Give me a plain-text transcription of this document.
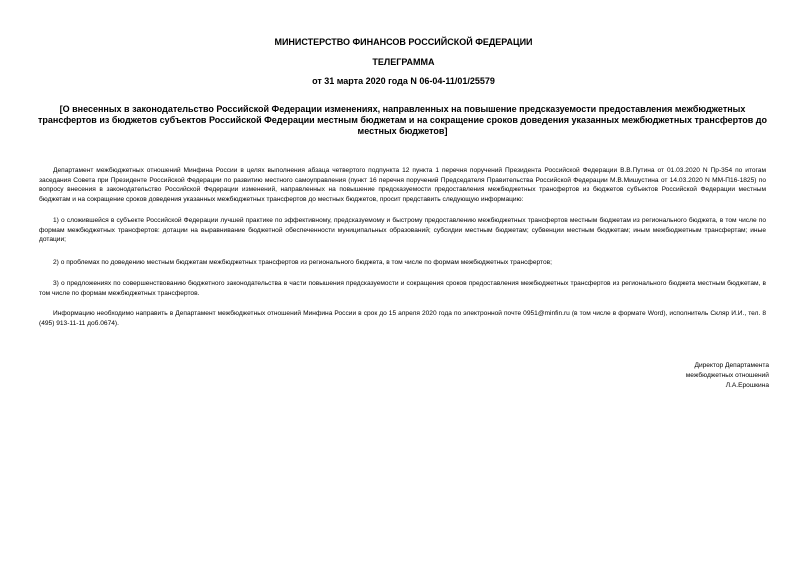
МИНИСТЕРСТВО ФИНАНСОВ РОССИЙСКОЙ ФЕДЕРАЦИИ
ТЕЛЕГРАММА
от 31 марта 2020 года N 06-04-11/01/25579
[О внесенных в законодательство Российской Федерации изменениях, направленных на повышение предсказуемости предоставления межбюджетных трансфертов из бюджетов субъектов Российской Федерации местным бюджетам и на сокращение сроков доведения указанных межбюджетных трансфертов до местных бюджетов]

Департамент межбюджетных отношений Минфина России в целях выполнения абзаца четвертого подпункта 12 пункта 1 перечня поручений Президента Российской Федерации В.В.Путина от 01.03.2020 N Пр-354 по итогам заседания Совета при Президенте Российской Федерации по развитию местного самоуправления (пункт 16 перечня поручений Председателя Правительства Российской Федерации М.В.Мишустина от 14.03.2020 N ММ-П16-1825) по вопросу внесения в законодательство Российской Федерации изменений, направленных на повышение предсказуемости предоставления межбюджетных трансфертов из бюджетов субъектов Российской Федерации местным бюджетам и на сокращение сроков доведения указанных межбюджетных трансфертов до местных бюджетов, просит представить следующую информацию:

1) о сложившейся в субъекте Российской Федерации лучшей практике по эффективному, предсказуемому и быстрому предоставлению межбюджетных трансфертов местным бюджетам из регионального бюджета, в том числе по формам межбюджетных трансфертов: дотации на выравнивание бюджетной обеспеченности муниципальных образований; субсидии местным бюджетам; субвенции местным бюджетам; иным межбюджетным трансфертам; иные дотации;

2) о проблемах по доведению местным бюджетам межбюджетных трансфертов из регионального бюджета, в том числе по формам межбюджетных трансфертов;

3) о предложениях по совершенствованию бюджетного законодательства в части повышения предсказуемости и сокращения сроков предоставления межбюджетных трансфертов из регионального бюджета местным бюджетам, в том числе по формам межбюджетных трансфертов.

Информацию необходимо направить в Департамент межбюджетных отношений Минфина России в срок до 15 апреля 2020 года по электронной почте 0951@minfin.ru (в том числе в формате Word), исполнитель Скляр И.И., тел. 8 (495) 913-11-11 доб.0674).

Директор Департамента
межбюджетных отношений
Л.А.Ерошкина
